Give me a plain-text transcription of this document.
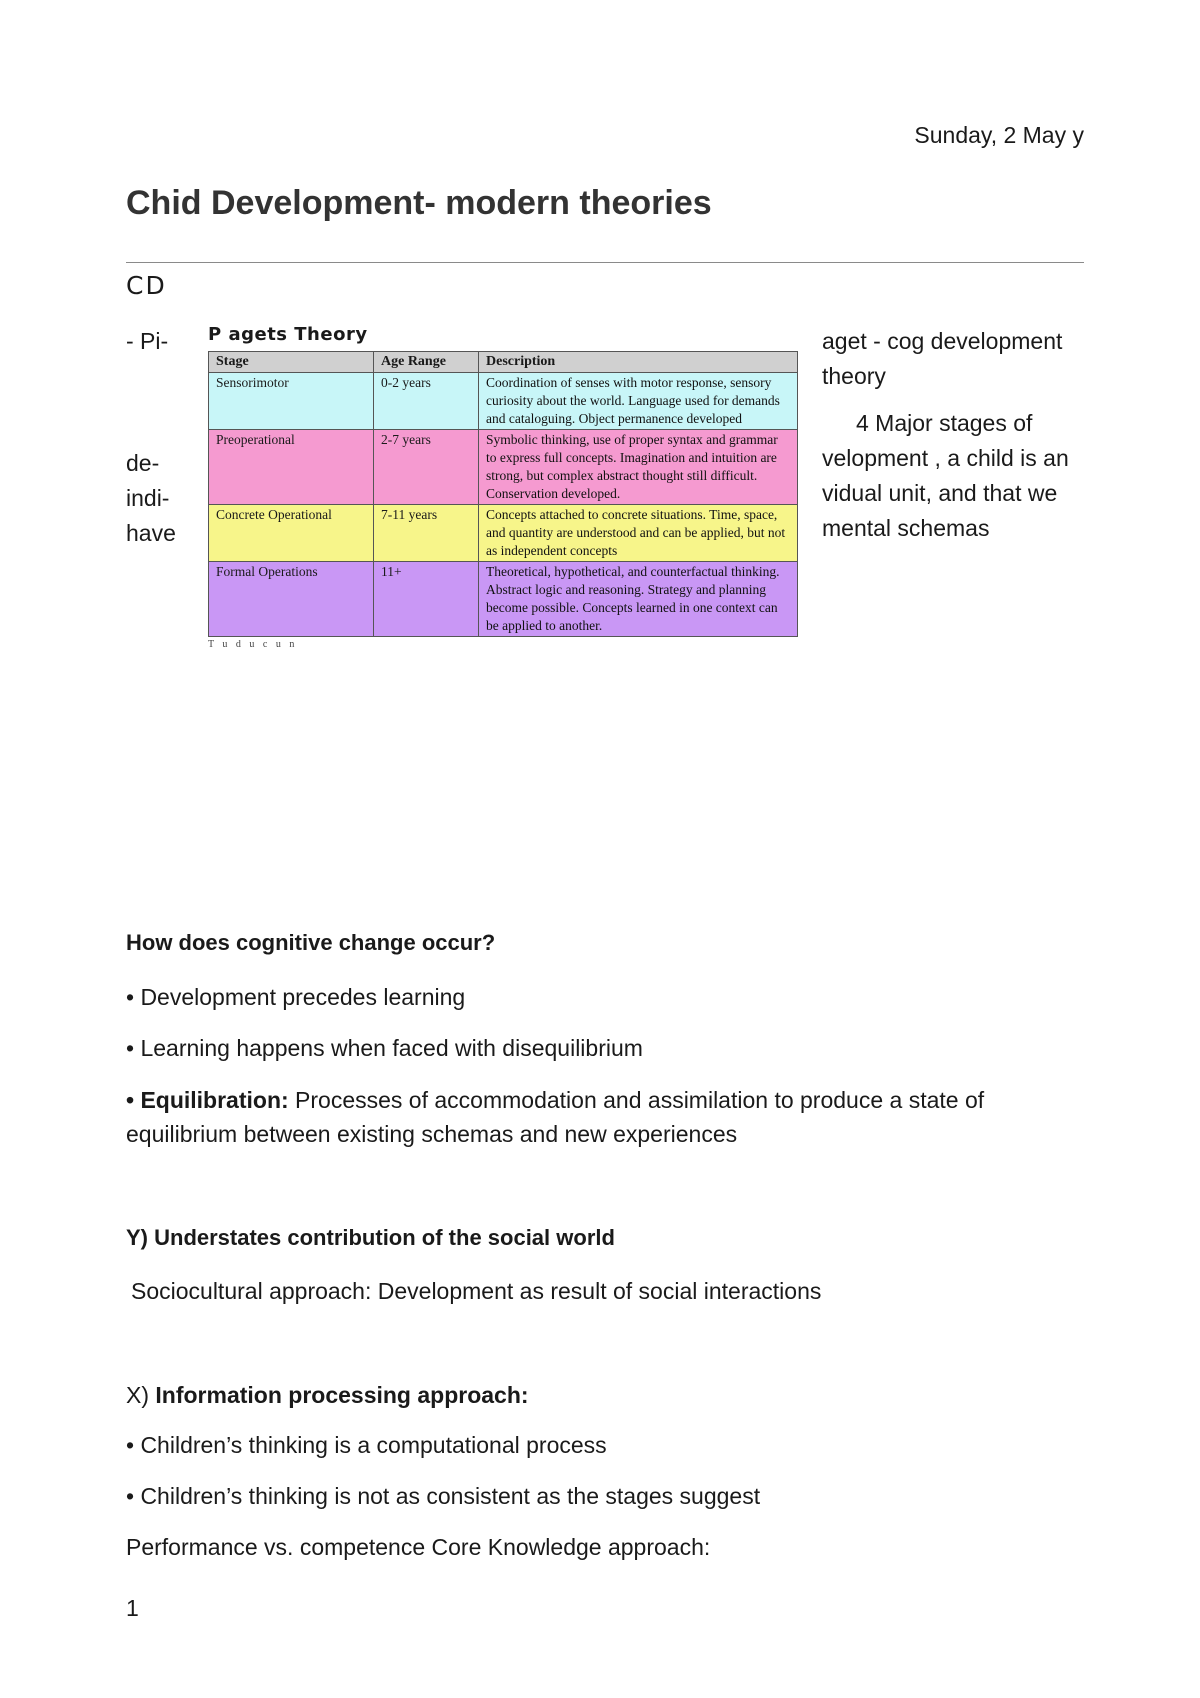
Sunday, 2 May y
Chid Development- modern theories
CD
- Pi-
de-
indi-
have
P agets Theory
Stage	Age Range	Description
Sensorimotor	0-2 years	Coordination of senses with motor response, sensory curiosity about the world. Language used for demands and cataloguing. Object permanence developed
Preoperational	2-7 years	Symbolic thinking, use of proper syntax and grammar to express full concepts. Imagination and intuition are strong, but complex abstract thought still difficult. Conservation developed.
Concrete Operational	7-11 years	Concepts attached to concrete situations. Time, space, and quantity are understood and can be applied, but not as independent concepts
Formal Operations	11+	Theoretical, hypothetical, and counterfactual thinking. Abstract logic and reasoning. Strategy and planning become possible. Concepts learned in one context can be applied to another.
T u d u c u n

aget - cog development theory

4 Major stages of

velopment , a child is an

vidual unit, and that we

mental schemas

How does cognitive change occur?
• Development precedes learning
• Learning happens when faced with disequilibrium
• Equilibration: Processes of accommodation and assimilation to produce a state of equilibrium between existing schemas and new experiences
Y) Understates contribution of the social world
Sociocultural approach: Development as result of social interactions
X) Information processing approach:
• Children’s thinking is a computational process
• Children’s thinking is not as consistent as the stages suggest
Performance vs. competence Core Knowledge approach:
1
